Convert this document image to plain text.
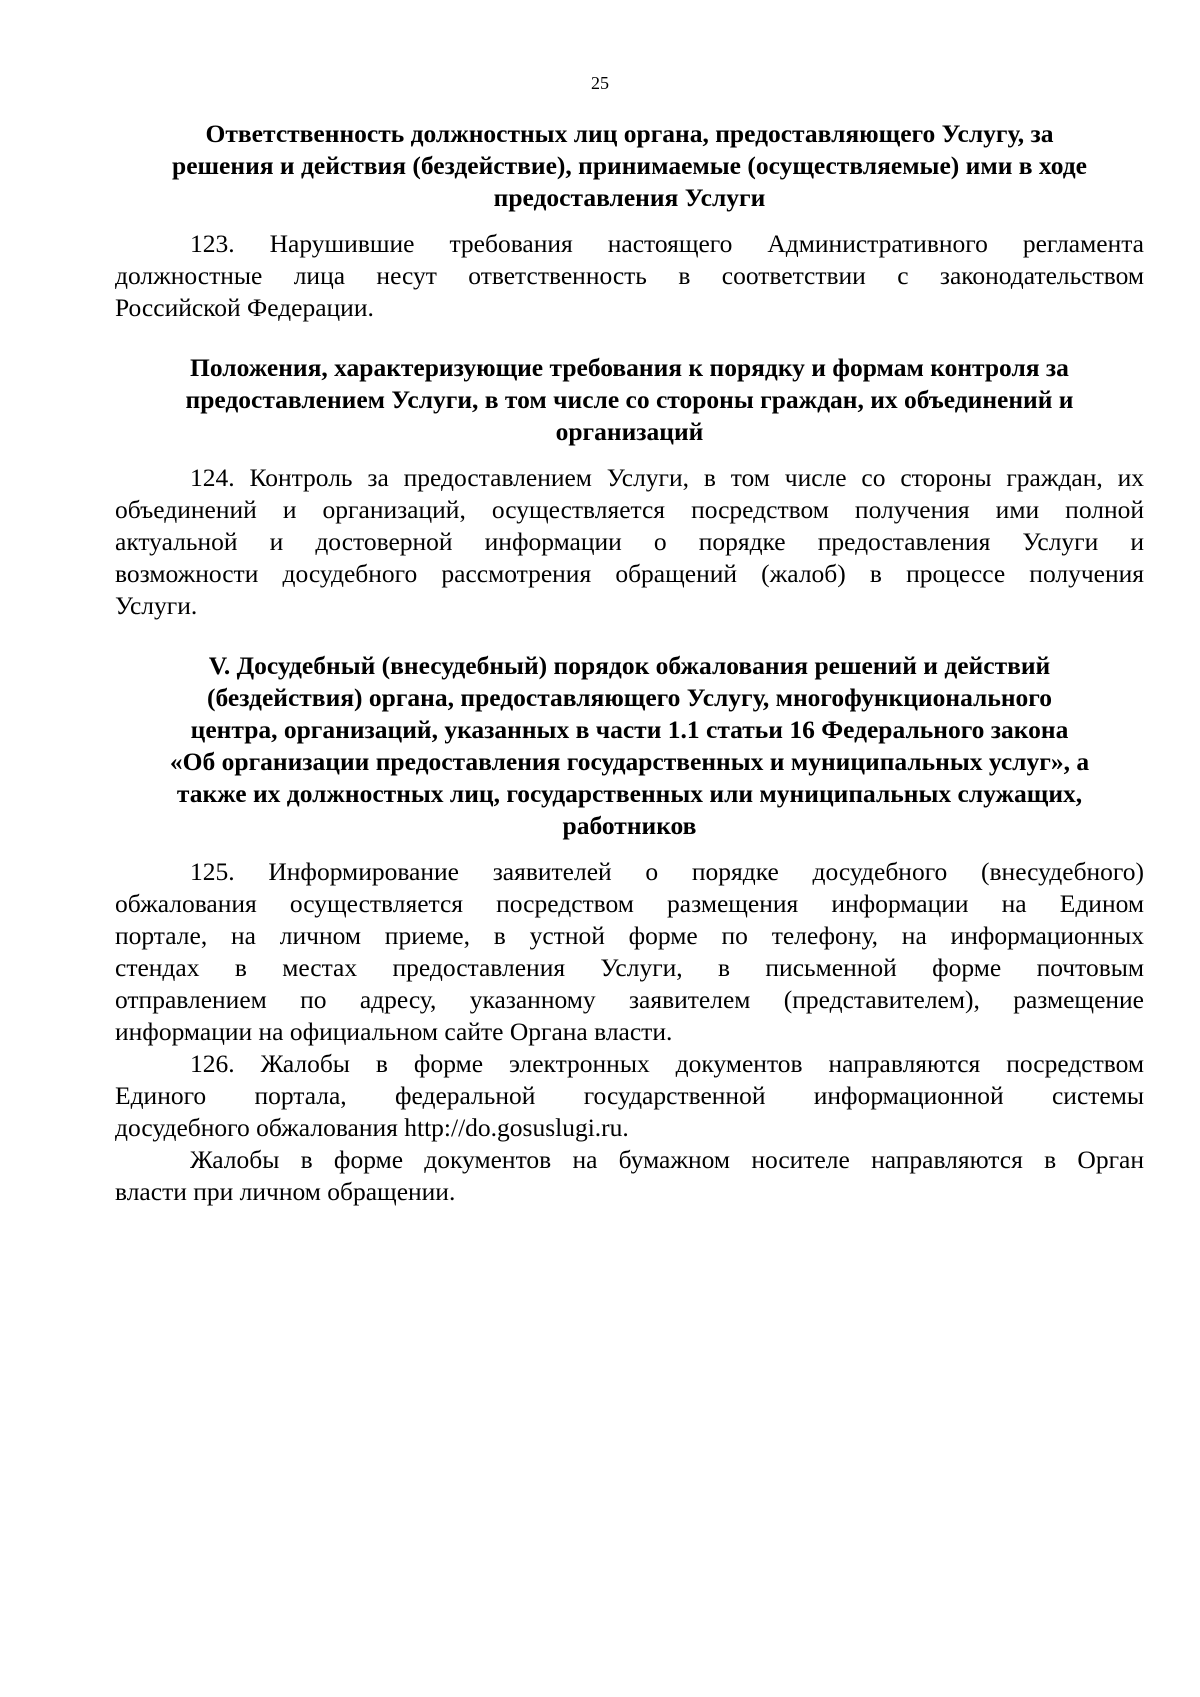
25
Ответственность должностных лиц органа, предоставляющего Услугу, за
решения и действия (бездействие), принимаемые (осуществляемые) ими в ходе
предоставления Услуги
123. Нарушившие требования настоящего Административного регламента
должностные лица несут ответственность в соответствии с законодательством
Российской Федерации.
Положения, характеризующие требования к порядку и формам контроля за
предоставлением Услуги, в том числе со стороны граждан, их объединений и
организаций
124. Контроль за предоставлением Услуги, в том числе со стороны граждан, их
объединений и организаций, осуществляется посредством получения ими полной
актуальной и достоверной информации о порядке предоставления Услуги и
возможности досудебного рассмотрения обращений (жалоб) в процессе получения
Услуги.
V. Досудебный (внесудебный) порядок обжалования решений и действий
(бездействия) органа, предоставляющего Услугу, многофункционального
центра, организаций, указанных в части 1.1 статьи 16 Федерального закона
«Об организации предоставления государственных и муниципальных услуг», а
также их должностных лиц, государственных или муниципальных служащих,
работников
125. Информирование заявителей о порядке досудебного (внесудебного)
обжалования осуществляется посредством размещения информации на Едином
портале, на личном приеме, в устной форме по телефону, на информационных
стендах в местах предоставления Услуги, в письменной форме почтовым
отправлением по адресу, указанному заявителем (представителем), размещение
информации на официальном сайте Органа власти.
126. Жалобы в форме электронных документов направляются посредством
Единого портала, федеральной государственной информационной системы
досудебного обжалования http://do.gosuslugi.ru.
Жалобы в форме документов на бумажном носителе направляются в Орган
власти при личном обращении.
